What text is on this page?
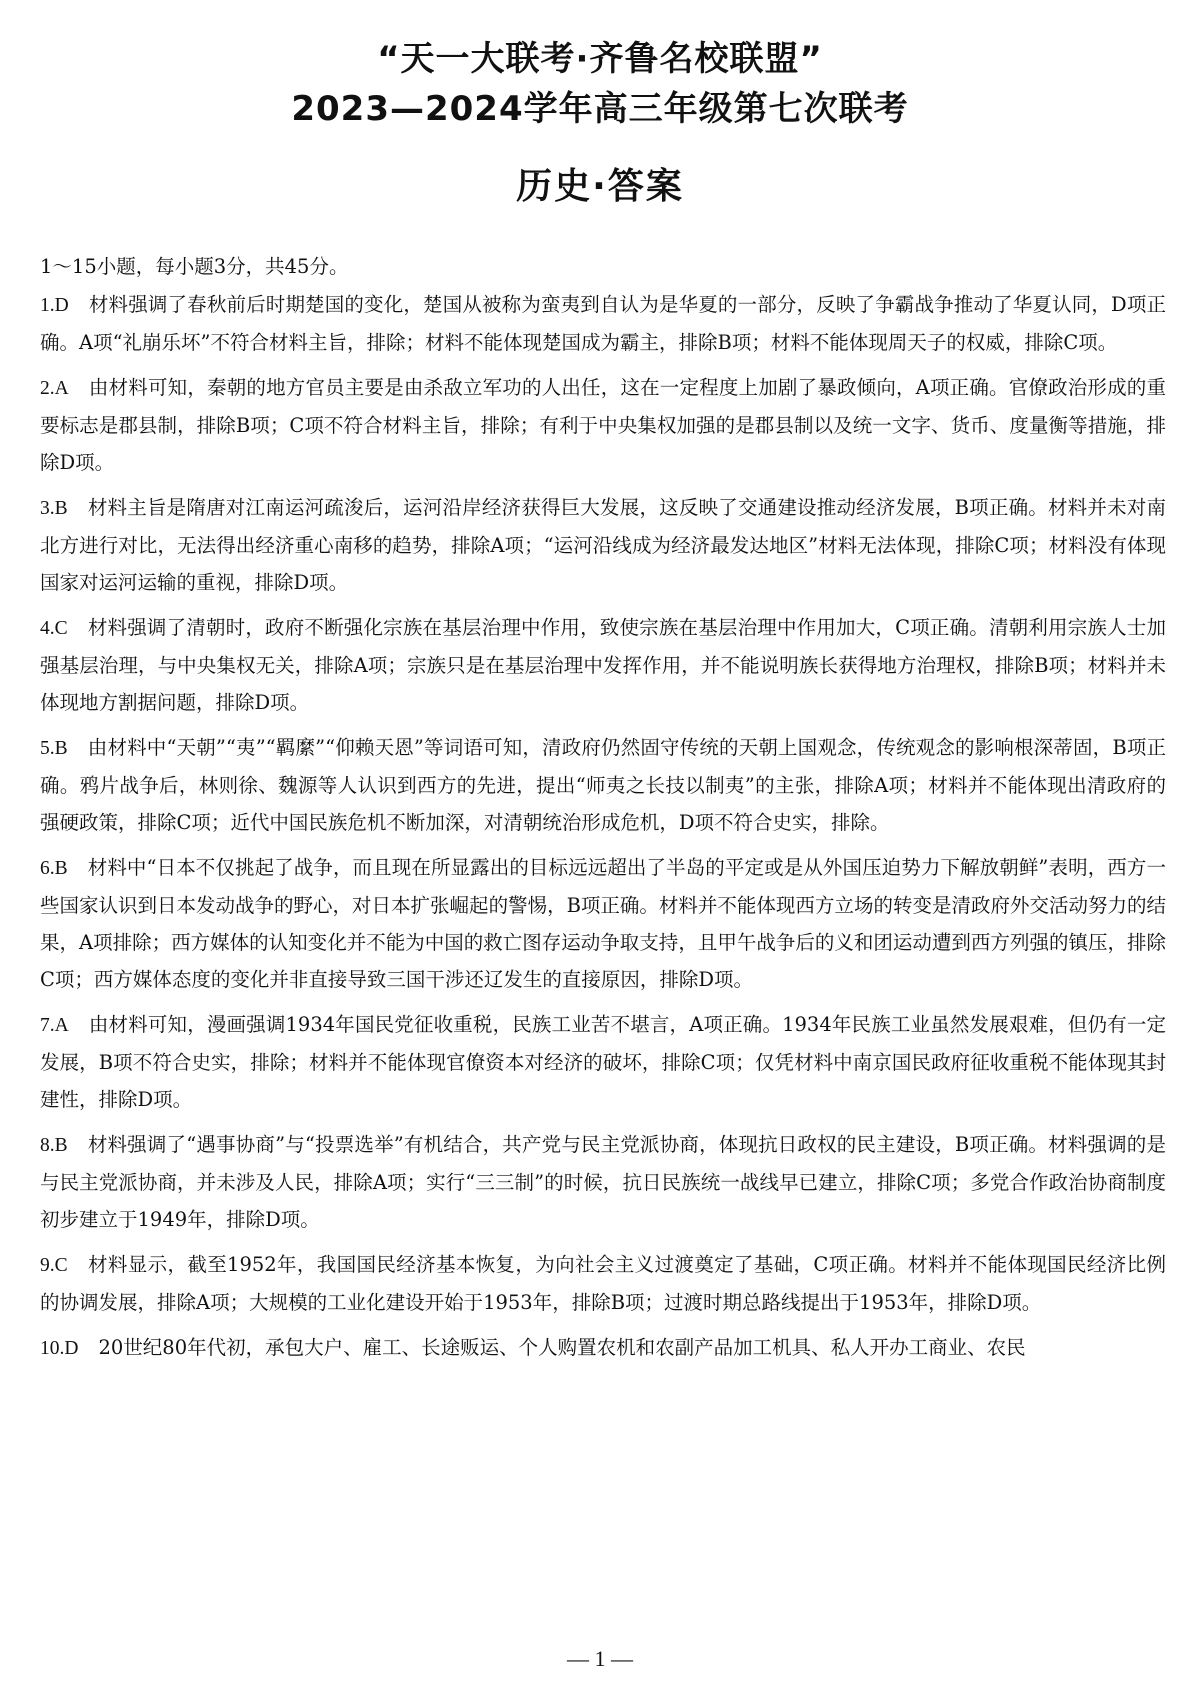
“天一大联考·齐鲁名校联盟”
2023—2024学年高三年级第七次联考
历史·答案
1～15小题，每小题3分，共45分。
1.D 材料强调了春秋前后时期楚国的变化，楚国从被称为蛮夷到自认为是华夏的一部分，反映了争霸战争推动了华夏认同，D项正确。A项“礼崩乐坏”不符合材料主旨，排除；材料不能体现楚国成为霸主，排除B项；材料不能体现周天子的权威，排除C项。
2.A 由材料可知，秦朝的地方官员主要是由杀敌立军功的人出任，这在一定程度上加剧了暴政倾向，A项正确。官僚政治形成的重要标志是郡县制，排除B项；C项不符合材料主旨，排除；有利于中央集权加强的是郡县制以及统一文字、货币、度量衡等措施，排除D项。
3.B 材料主旨是隋唐对江南运河疏浚后，运河沿岸经济获得巨大发展，这反映了交通建设推动经济发展，B项正确。材料并未对南北方进行对比，无法得出经济重心南移的趋势，排除A项；“运河沿线成为经济最发达地区”材料无法体现，排除C项；材料没有体现国家对运河运输的重视，排除D项。
4.C 材料强调了清朝时，政府不断强化宗族在基层治理中作用，致使宗族在基层治理中作用加大，C项正确。清朝利用宗族人士加强基层治理，与中央集权无关，排除A项；宗族只是在基层治理中发挥作用，并不能说明族长获得地方治理权，排除B项；材料并未体现地方割据问题，排除D项。
5.B 由材料中“天朝”“夷”“羁縻”“仰赖天恩”等词语可知，清政府仍然固守传统的天朝上国观念，传统观念的影响根深蒂固，B项正确。鸦片战争后，林则徐、魏源等人认识到西方的先进，提出“师夷之长技以制夷”的主张，排除A项；材料并不能体现出清政府的强硬政策，排除C项；近代中国民族危机不断加深，对清朝统治形成危机，D项不符合史实，排除。
6.B 材料中“日本不仅挑起了战争，而且现在所显露出的目标远远超出了半岛的平定或是从外国压迫势力下解放朝鲜”表明，西方一些国家认识到日本发动战争的野心，对日本扩张崛起的警惕，B项正确。材料并不能体现西方立场的转变是清政府外交活动努力的结果，A项排除；西方媒体的认知变化并不能为中国的救亡图存运动争取支持，且甲午战争后的义和团运动遭到西方列强的镇压，排除C项；西方媒体态度的变化并非直接导致三国干涉还辽发生的直接原因，排除D项。
7.A 由材料可知，漫画强调1934年国民党征收重税，民族工业苦不堪言，A项正确。1934年民族工业虽然发展艰难，但仍有一定发展，B项不符合史实，排除；材料并不能体现官僚资本对经济的破坏，排除C项；仅凭材料中南京国民政府征收重税不能体现其封建性，排除D项。
8.B 材料强调了“遇事协商”与“投票选举”有机结合，共产党与民主党派协商，体现抗日政权的民主建设，B项正确。材料强调的是与民主党派协商，并未涉及人民，排除A项；实行“三三制”的时候，抗日民族统一战线早已建立，排除C项；多党合作政治协商制度初步建立于1949年，排除D项。
9.C 材料显示，截至1952年，我国国民经济基本恢复，为向社会主义过渡奠定了基础，C项正确。材料并不能体现国民经济比例的协调发展，排除A项；大规模的工业化建设开始于1953年，排除B项；过渡时期总路线提出于1953年，排除D项。
10.D 20世纪80年代初，承包大户、雇工、长途贩运、个人购置农机和农副产品加工机具、私人开办工商业、农民
— 1 —
